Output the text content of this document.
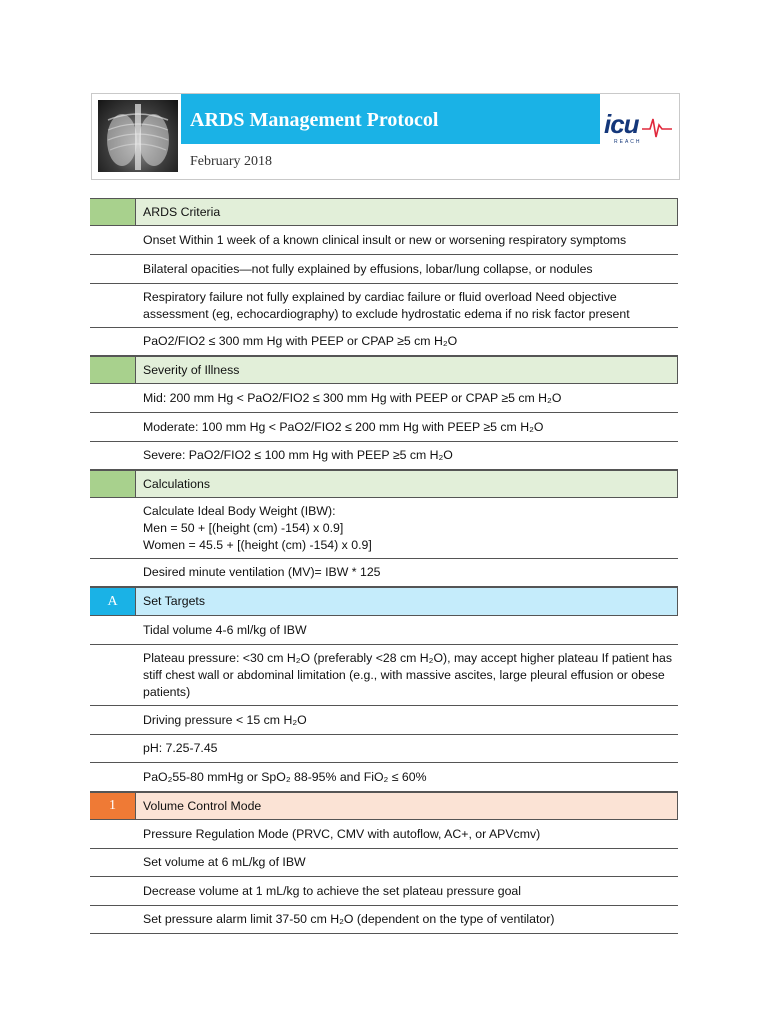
ARDS Management Protocol
February 2018
icu
REACH
ARDS Criteria
Onset Within 1 week of a known clinical insult or new or worsening respiratory symptoms
Bilateral opacities—not fully explained by effusions, lobar/lung collapse, or nodules
Respiratory failure not fully explained by cardiac failure or fluid overload Need objective assessment (eg, echocardiography) to exclude hydrostatic edema if no risk factor present
PaO2/FIO2 ≤ 300 mm Hg with PEEP or CPAP ≥5 cm H₂O
Severity of Illness
Mid: 200 mm Hg < PaO2/FIO2 ≤ 300 mm Hg with PEEP or CPAP ≥5 cm H₂O
Moderate: 100 mm Hg < PaO2/FIO2 ≤ 200 mm Hg with PEEP ≥5 cm H₂O
Severe: PaO2/FIO2 ≤ 100 mm Hg with PEEP ≥5 cm H₂O
Calculations
Calculate Ideal Body Weight (IBW):
Men = 50 + [(height (cm) -154) x 0.9]
Women = 45.5 + [(height (cm) -154) x 0.9]
Desired minute ventilation (MV)= IBW * 125
A	Set Targets
Tidal volume 4-6 ml/kg of IBW
Plateau pressure: <30 cm H₂O (preferably <28 cm H₂O), may accept higher plateau If patient has stiff chest wall or abdominal limitation (e.g., with massive ascites, large pleural effusion or obese patients)
Driving pressure < 15 cm H₂O
pH: 7.25-7.45
PaO₂55-80 mmHg or SpO₂ 88-95% and FiO₂ ≤ 60%
1	Volume Control Mode
Pressure Regulation Mode (PRVC, CMV with autoflow, AC+, or APVcmv)
Set volume at 6 mL/kg of IBW
Decrease volume at 1 mL/kg to achieve the set plateau pressure goal
Set pressure alarm limit 37-50 cm H₂O (dependent on the type of ventilator)
